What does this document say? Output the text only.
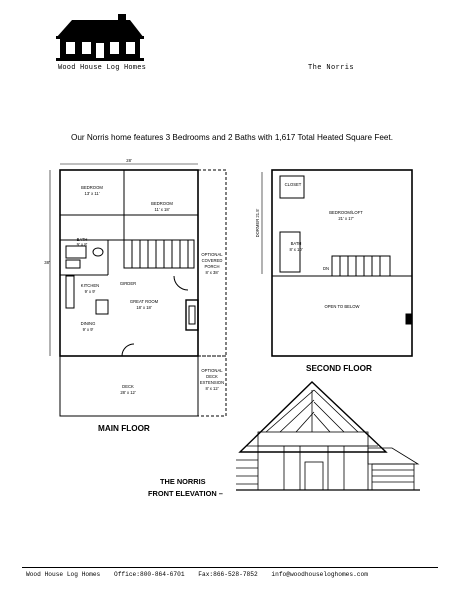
Wood House Log Homes	The Norris
Our Norris home features 3 Bedrooms and 2 Baths with 1,617 Total Heated Square Feet.
28'
38'
BEDROOM
13' x 11'
BEDROOM
11' x 18'
BATH
9' x 8'
KITCHEN
9' x 9'
GIRDER
GREAT ROOM
18' x 18'
DINING
9' x 9'
DECK
28' x 12'
OPTIONAL
COVERED
PORCH
8' x 38'
OPTIONAL
DECK
EXTENSION
8' x 12'
CLOSET
BEDROOM/LOFT
21' x 17'
BATH
8' x 10'
DN
OPEN TO BELOW
DORMER 21.5'
MAIN FLOOR
SECOND FLOOR
THE NORRIS
FRONT ELEVATION –
Wood House Log Homes Office:800-864-6701 Fax:866-528-7852 info@woodhouseloghomes.com
